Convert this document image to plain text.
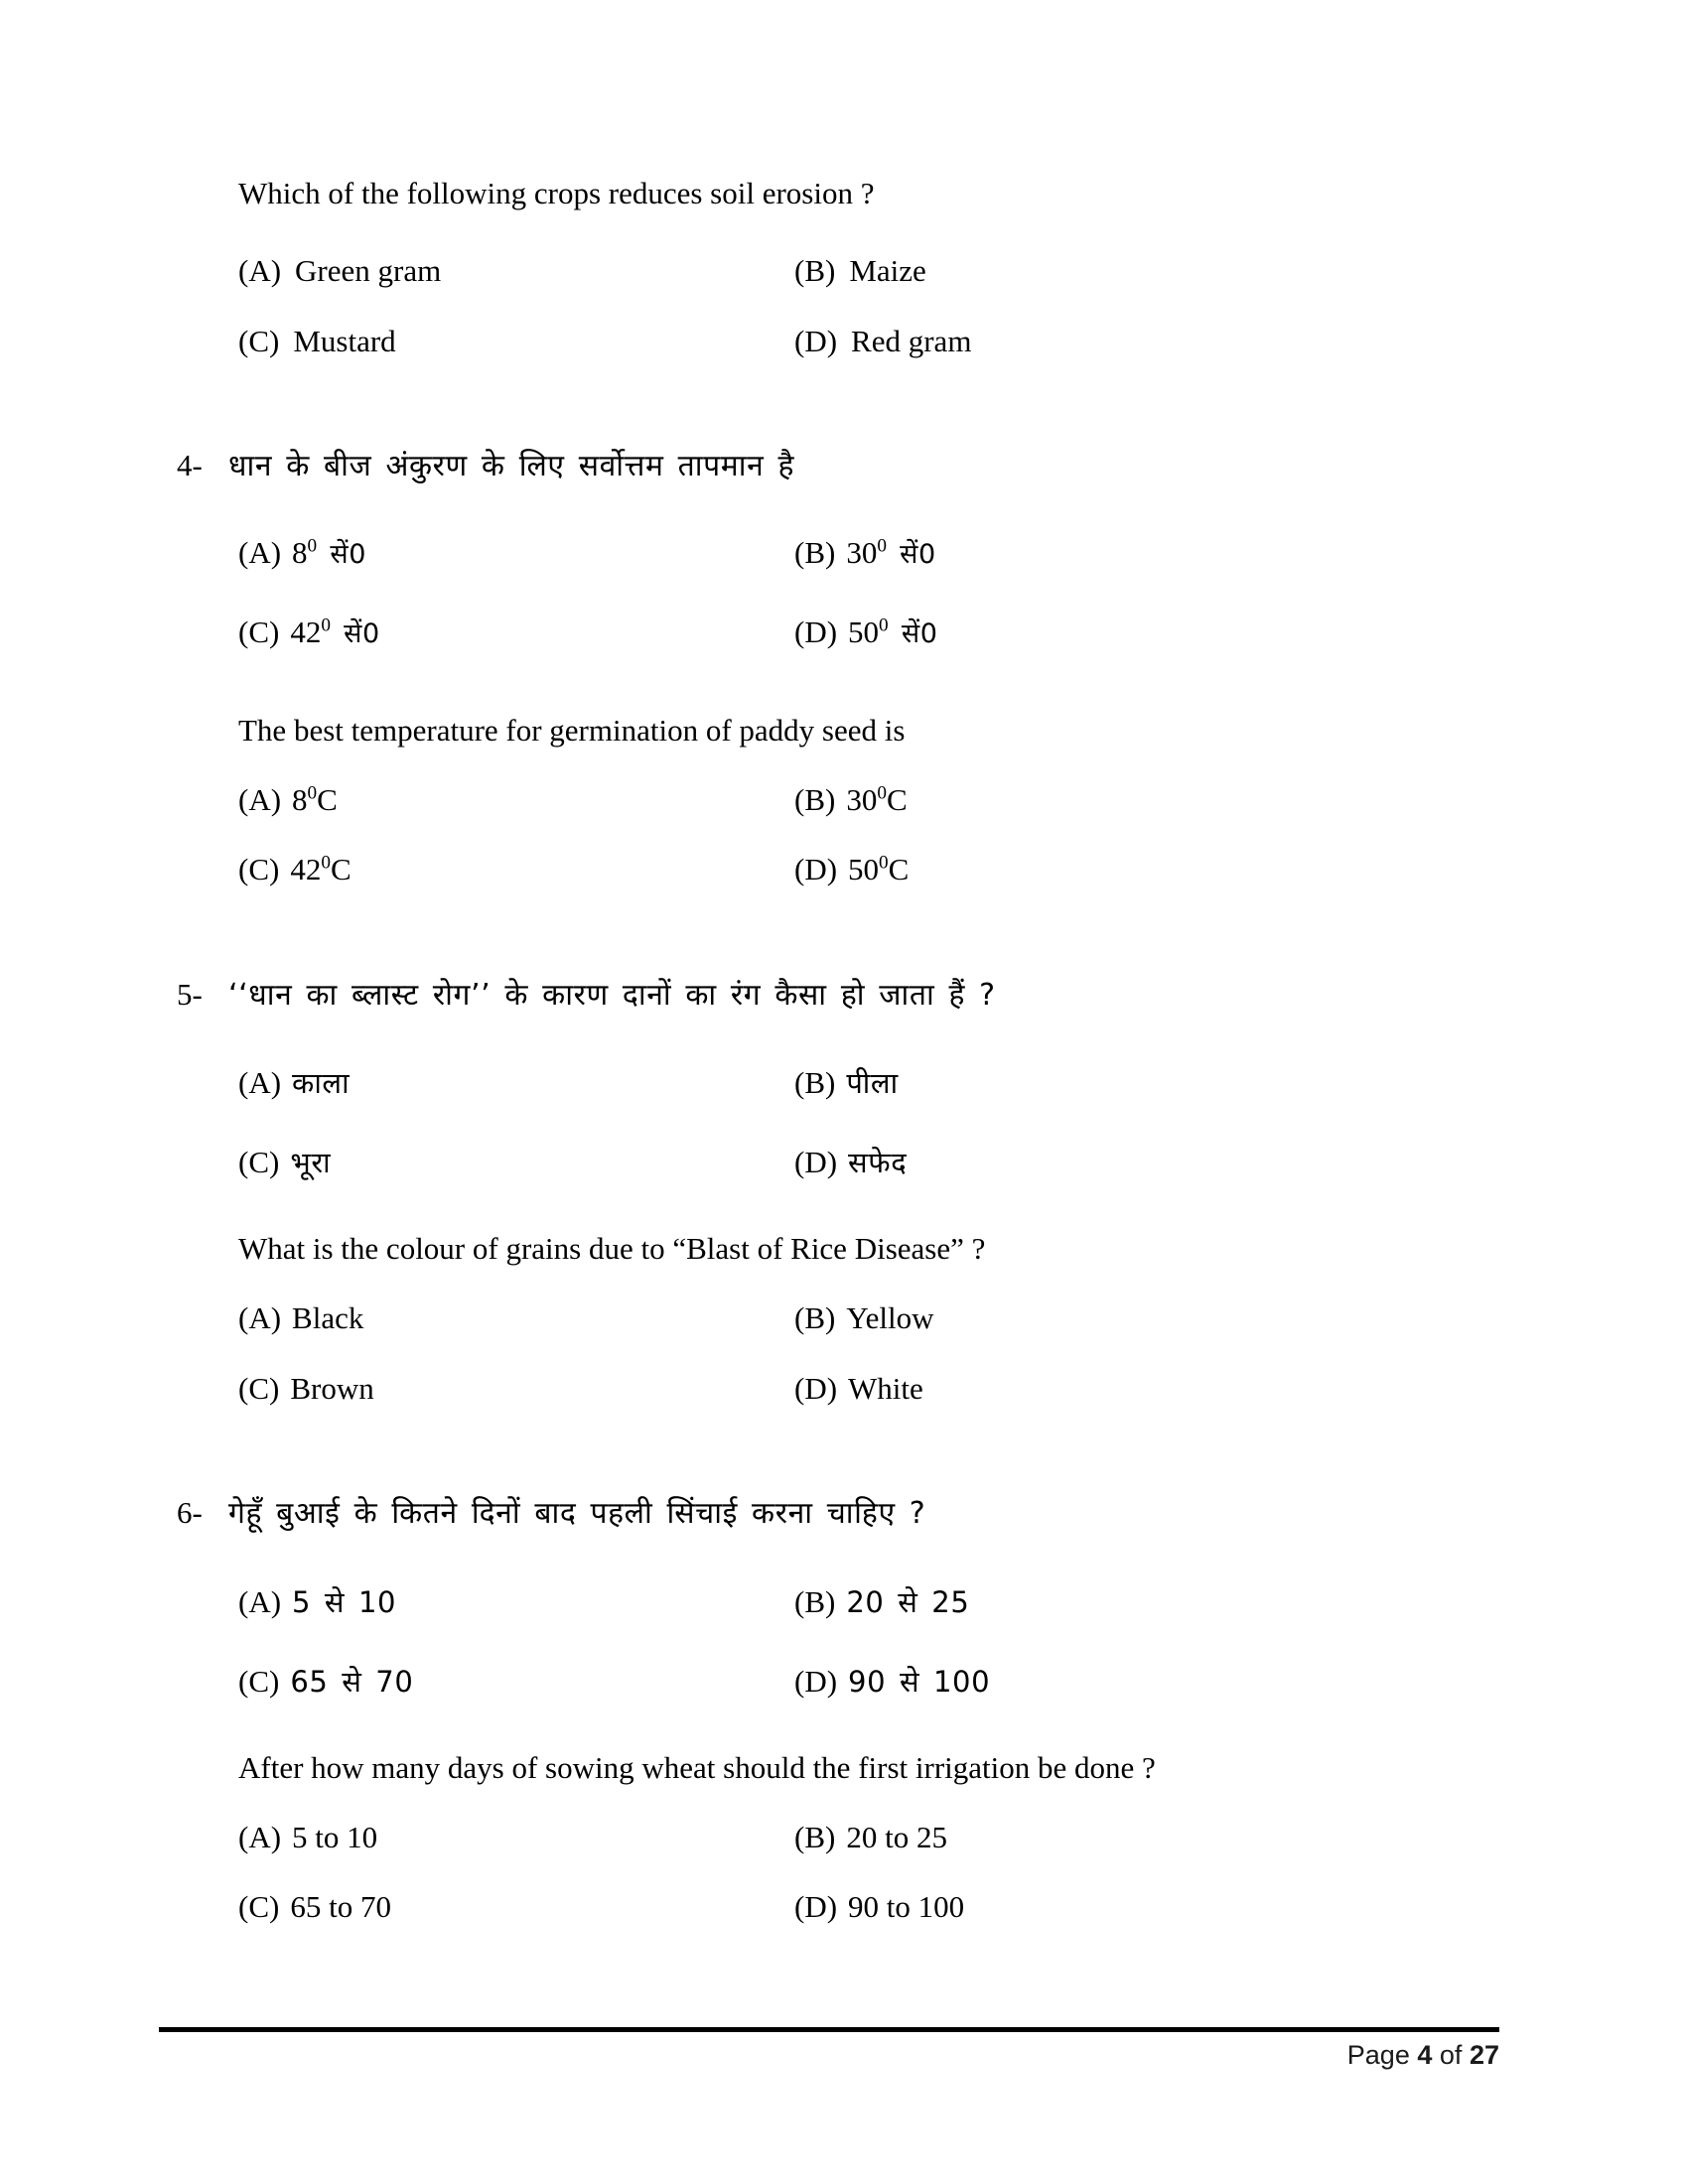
Which of the following crops reduces soil erosion ?
(A) Green gram	(B) Maize
(C) Mustard	(D) Red gram
4- धान के बीज अंकुरण के लिए सर्वोत्तम तापमान है
(A) $8^0$ सें0	(B) $30^0$ सें0
(C) $42^0$ सें0	(D) $50^0$ सें0
The best temperature for germination of paddy seed is
(A) $8^0C$	(B) $30^0C$
(C) $42^0C$	(D) $50^0C$
5- ‘‘धान का ब्लास्ट रोग’’ के कारण दानों का रंग कैसा हो जाता हैं ?
(A) काला	(B) पीला
(C) भूरा	(D) सफेद
What is the colour of grains due to “Blast of Rice Disease” ?
(A) Black	(B) Yellow
(C) Brown	(D) White
6- गेहूँ बुआई के कितने दिनों बाद पहली सिंचाई करना चाहिए ?
(A) 5 से 10	(B) 20 से 25
(C) 65 से 70	(D) 90 से 100
After how many days of sowing wheat should the first irrigation be done ?
(A) 5 to 10	(B) 20 to 25
(C) 65 to 70	(D) 90 to 100
Page 4 of 27
